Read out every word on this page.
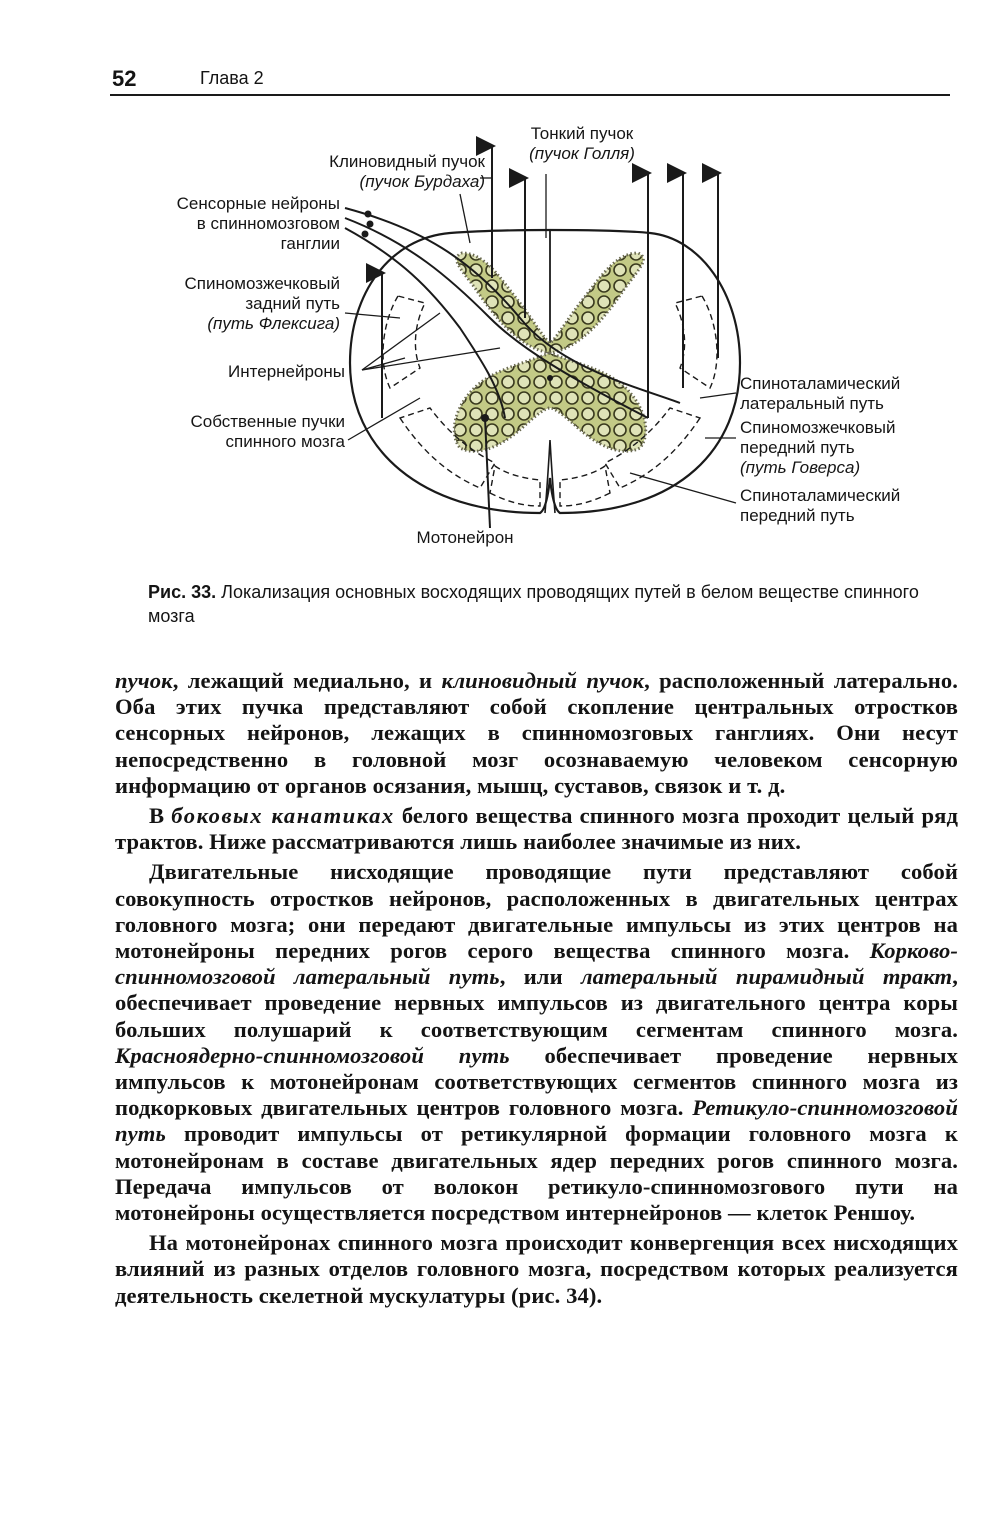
52	Глава 2
Тонкий пучок
(пучок Голля)
Клиновидный пучок
(пучок Бурдаха)
Сенсорные нейроны
в спинномозговом
ганглии
Спиномозжечковый
задний путь
(путь Флексига)
Интернейроны
Собственные пучки
спинного мозга
Мотонейрон
Спиноталамический
латеральный путь
Спиномозжечковый
передний путь
(путь Говерса)
Спиноталамический
передний путь
Рис. 33. Локализация основных восходящих проводящих путей в белом веществе спинного мозга

пучок, лежащий медиально, и клиновидный пучок, расположенный латерально. Оба этих пучка представляют собой скопление центральных отростков сенсорных нейронов, лежащих в спинномозговых ганглиях. Они несут непосредственно в головной мозг осознаваемую человеком сенсорную информацию от органов осязания, мышц, суставов, связок и т. д.

В боковых канатиках белого вещества спинного мозга проходит целый ряд трактов. Ниже рассматриваются лишь наиболее значимые из них.

Двигательные нисходящие проводящие пути представляют собой совокупность отростков нейронов, расположенных в двигательных центрах головного мозга; они передают двигательные импульсы из этих центров на мотонейроны передних рогов серого вещества спинного мозга. Корково-спинномозговой латеральный путь, или латеральный пирамидный тракт, обеспечивает проведение нервных импульсов из двигательного центра коры больших полушарий к соответствующим сегментам спинного мозга. Красноядерно-спинномозговой путь обеспечивает проведение нервных импульсов к мотонейронам соответствующих сегментов спинного мозга из подкорковых двигательных центров головного мозга. Ретикуло-спинномозговой путь проводит импульсы от ретикулярной формации головного мозга к мотонейронам в составе двигательных ядер передних рогов спинного мозга. Передача импульсов от волокон ретикуло-спинномозгового пути на мотонейроны осуществляется посредством интернейронов — клеток Реншоу.

На мотонейронах спинного мозга происходит конвергенция всех нисходящих влияний из разных отделов головного мозга, посредством которых реализуется деятельность скелетной мускулатуры (рис. 34).
